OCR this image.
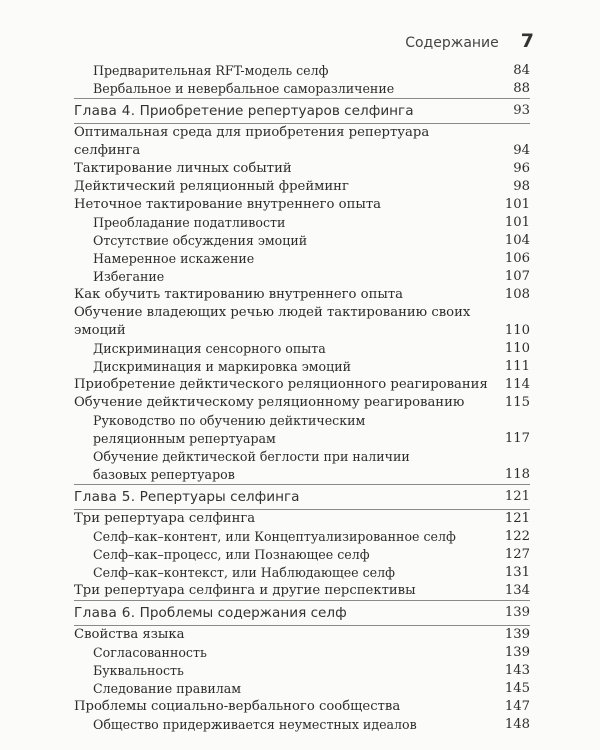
Содержание 7
Предварительная RFT-модель селф	84
Вербальное и невербальное саморазличение	88
Глава 4. Приобретение репертуаров селфинга	93
Оптимальная среда для приобретения репертуара селфинга	94
Тактирование личных событий	96
Дейктический реляционный фрейминг	98
Неточное тактирование внутреннего опыта	101
Преобладание податливости	101
Отсутствие обсуждения эмоций	104
Намеренное искажение	106
Избегание	107
Как обучить тактированию внутреннего опыта	108
Обучение владеющих речью людей тактированию своих эмоций	110
Дискриминация сенсорного опыта	110
Дискриминация и маркировка эмоций	111
Приобретение дейктического реляционного реагирования	114
Обучение дейктическому реляционному реагированию	115
Руководство по обучению дейктическим
реляционным репертуарам	117
Обучение дейктической беглости при наличии
базовых репертуаров	118
Глава 5. Репертуары селфинга	121
Три репертуара селфинга	121
Селф–как–контент, или Концептуализированное селф	122
Селф–как–процесс, или Познающее селф	127
Селф–как–контекст, или Наблюдающее селф	131
Три репертуара селфинга и другие перспективы	134
Глава 6. Проблемы содержания селф	139
Свойства языка	139
Согласованность	139
Буквальность	143
Следование правилам	145
Проблемы социально-вербального сообщества	147
Общество придерживается неуместных идеалов	148
